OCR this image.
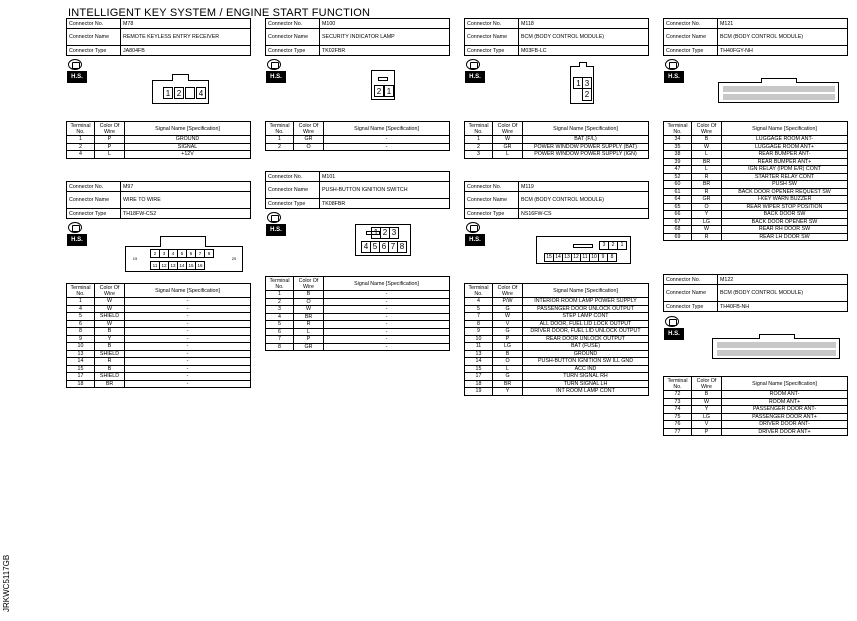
INTELLIGENT KEY SYSTEM / ENGINE START FUNCTION
JRKWC5117GB
Connector No.	M78
Connector Name	REMOTE KEYLESS ENTRY RECEIVER
Connector Type	JA804FB
H.S.
1 2	4
Terminal No.	Color Of Wire	Signal Name [Specification]
1	P	GROUND
2	P	SIGNAL
4	L	+12V
Connector No.	M97
Connector Name	WIRE TO WIRE
Connector Type	TH18FW-CS2
H.S.
19	20
2	3	4	5	6	7	8
11 12 13 14 15 16
Terminal No.	Color Of Wire	Signal Name [Specification]
1	W	-
4	W	-
5	SHIELD	-
6	W	-
8	B	-
9	Y	-
10	B	-
13	SHIELD	-
14	R	-
15	B	-
17	SHIELD	-
18	BR	-
Connector No.	M100
Connector Name	SECURITY INDICATOR LAMP
Connector Type	TK02FBR
H.S.
2 1
Terminal No.	Color Of Wire	Signal Name [Specification]
1	GR	-
2	O	-
Connector No.	M101
Connector Name	PUSH-BUTTON IGNITION SWITCH
Connector Type	TK08FBR
H.S.	1 2 3
4 5 6 7 8
Terminal No.	Color Of Wire	Signal Name [Specification]
1	B	-
2	O	-
3	W	-
4	BR	-
5	R	-
6	L	-
7	P	-
8	GR	-
Connector No.	M118
Connector Name	BCM (BODY CONTROL MODULE)
Connector Type	M03FB-LC
H.S.
1 3
2
Terminal No.	Color Of Wire	Signal Name [Specification]
1	W	BAT (F/L)
2	GR	POWER WINDOW POWER SUPPLY (BAT)
3	L	POWER WINDOW POWER SUPPLY (IGN)
Connector No.	M119
Connector Name	BCM (BODY CONTROL MODULE)
Connector Type	NS16FW-CS
H.S.
3	2	1
15 14 13 12 11 10 9	8
Terminal No.	Color Of Wire	Signal Name [Specification]
4	P/W	INTERIOR ROOM LAMP POWER SUPPLY
5	G	PASSENGER DOOR UNLOCK OUTPUT
7	W	STEP LAMP CONT
8	V	ALL DOOR, FUEL LID LOCK OUTPUT
9	G	DRIVER DOOR, FUEL LID UNLOCK OUTPUT
10	P	REAR DOOR UNLOCK OUTPUT
11	LG	BAT (FUSE)
13	B	GROUND
14	O	PUSH-BUTTON IGNITION SW ILL GND
15	L	ACC IND
17	G	TURN SIGNAL RH
18	BR	TURN SIGNAL LH
19	Y	INT ROOM LAMP CONT
Connector No.	M121
Connector Name	BCM (BODY CONTROL MODULE)
Connector Type	TH40FGY-NH
H.S.
Terminal No.	Color Of Wire	Signal Name [Specification]
34	B	LUGGAGE ROOM ANT-
35	W	LUGGAGE ROOM ANT+
38	L	REAR BUMPER ANT-
39	BR	REAR BUMPER ANT+
47	L	IGN RELAY (IPDM E/R) CONT
52	R	STARTER RELAY CONT
60	BR	PUSH SW
61	R	BACK DOOR OPENER REQUEST SW
64	GR	I-KEY WARN BUZZER
65	O	REAR WIPER STOP POSITION
66	Y	BACK DOOR SW
67	LG	BACK DOOR OPENER SW
68	W	REAR RH DOOR SW
69	R	REAR LH DOOR SW
Connector No.	M122
Connector Name	BCM (BODY CONTROL MODULE)
Connector Type	TH40FB-NH
H.S.
Terminal No.	Color Of Wire	Signal Name [Specification]
72	B	ROOM ANT-
73	W	ROOM ANT+
74	Y	PASSENGER DOOR ANT-
75	LG	PASSENGER DOOR ANT+
76	V	DRIVER DOOR ANT-
77	P	DRIVER DOOR ANT+
